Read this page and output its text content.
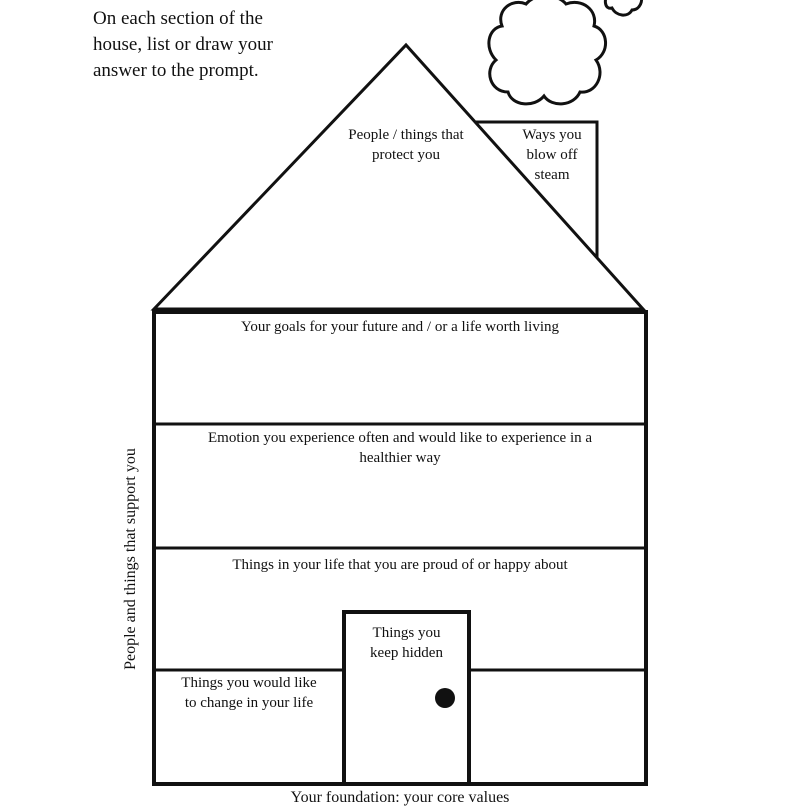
On each section of the
house, list or draw your
answer to the prompt.
People / things that
protect you
Ways you
blow off
steam
Your goals for your future and / or a life worth living
Emotion you experience often and would like to experience in a
healthier way
Things in your life that you are proud of or happy about
Things you
keep hidden
Things you would like
to change in your life
People and things that support you
Your foundation: your core values
